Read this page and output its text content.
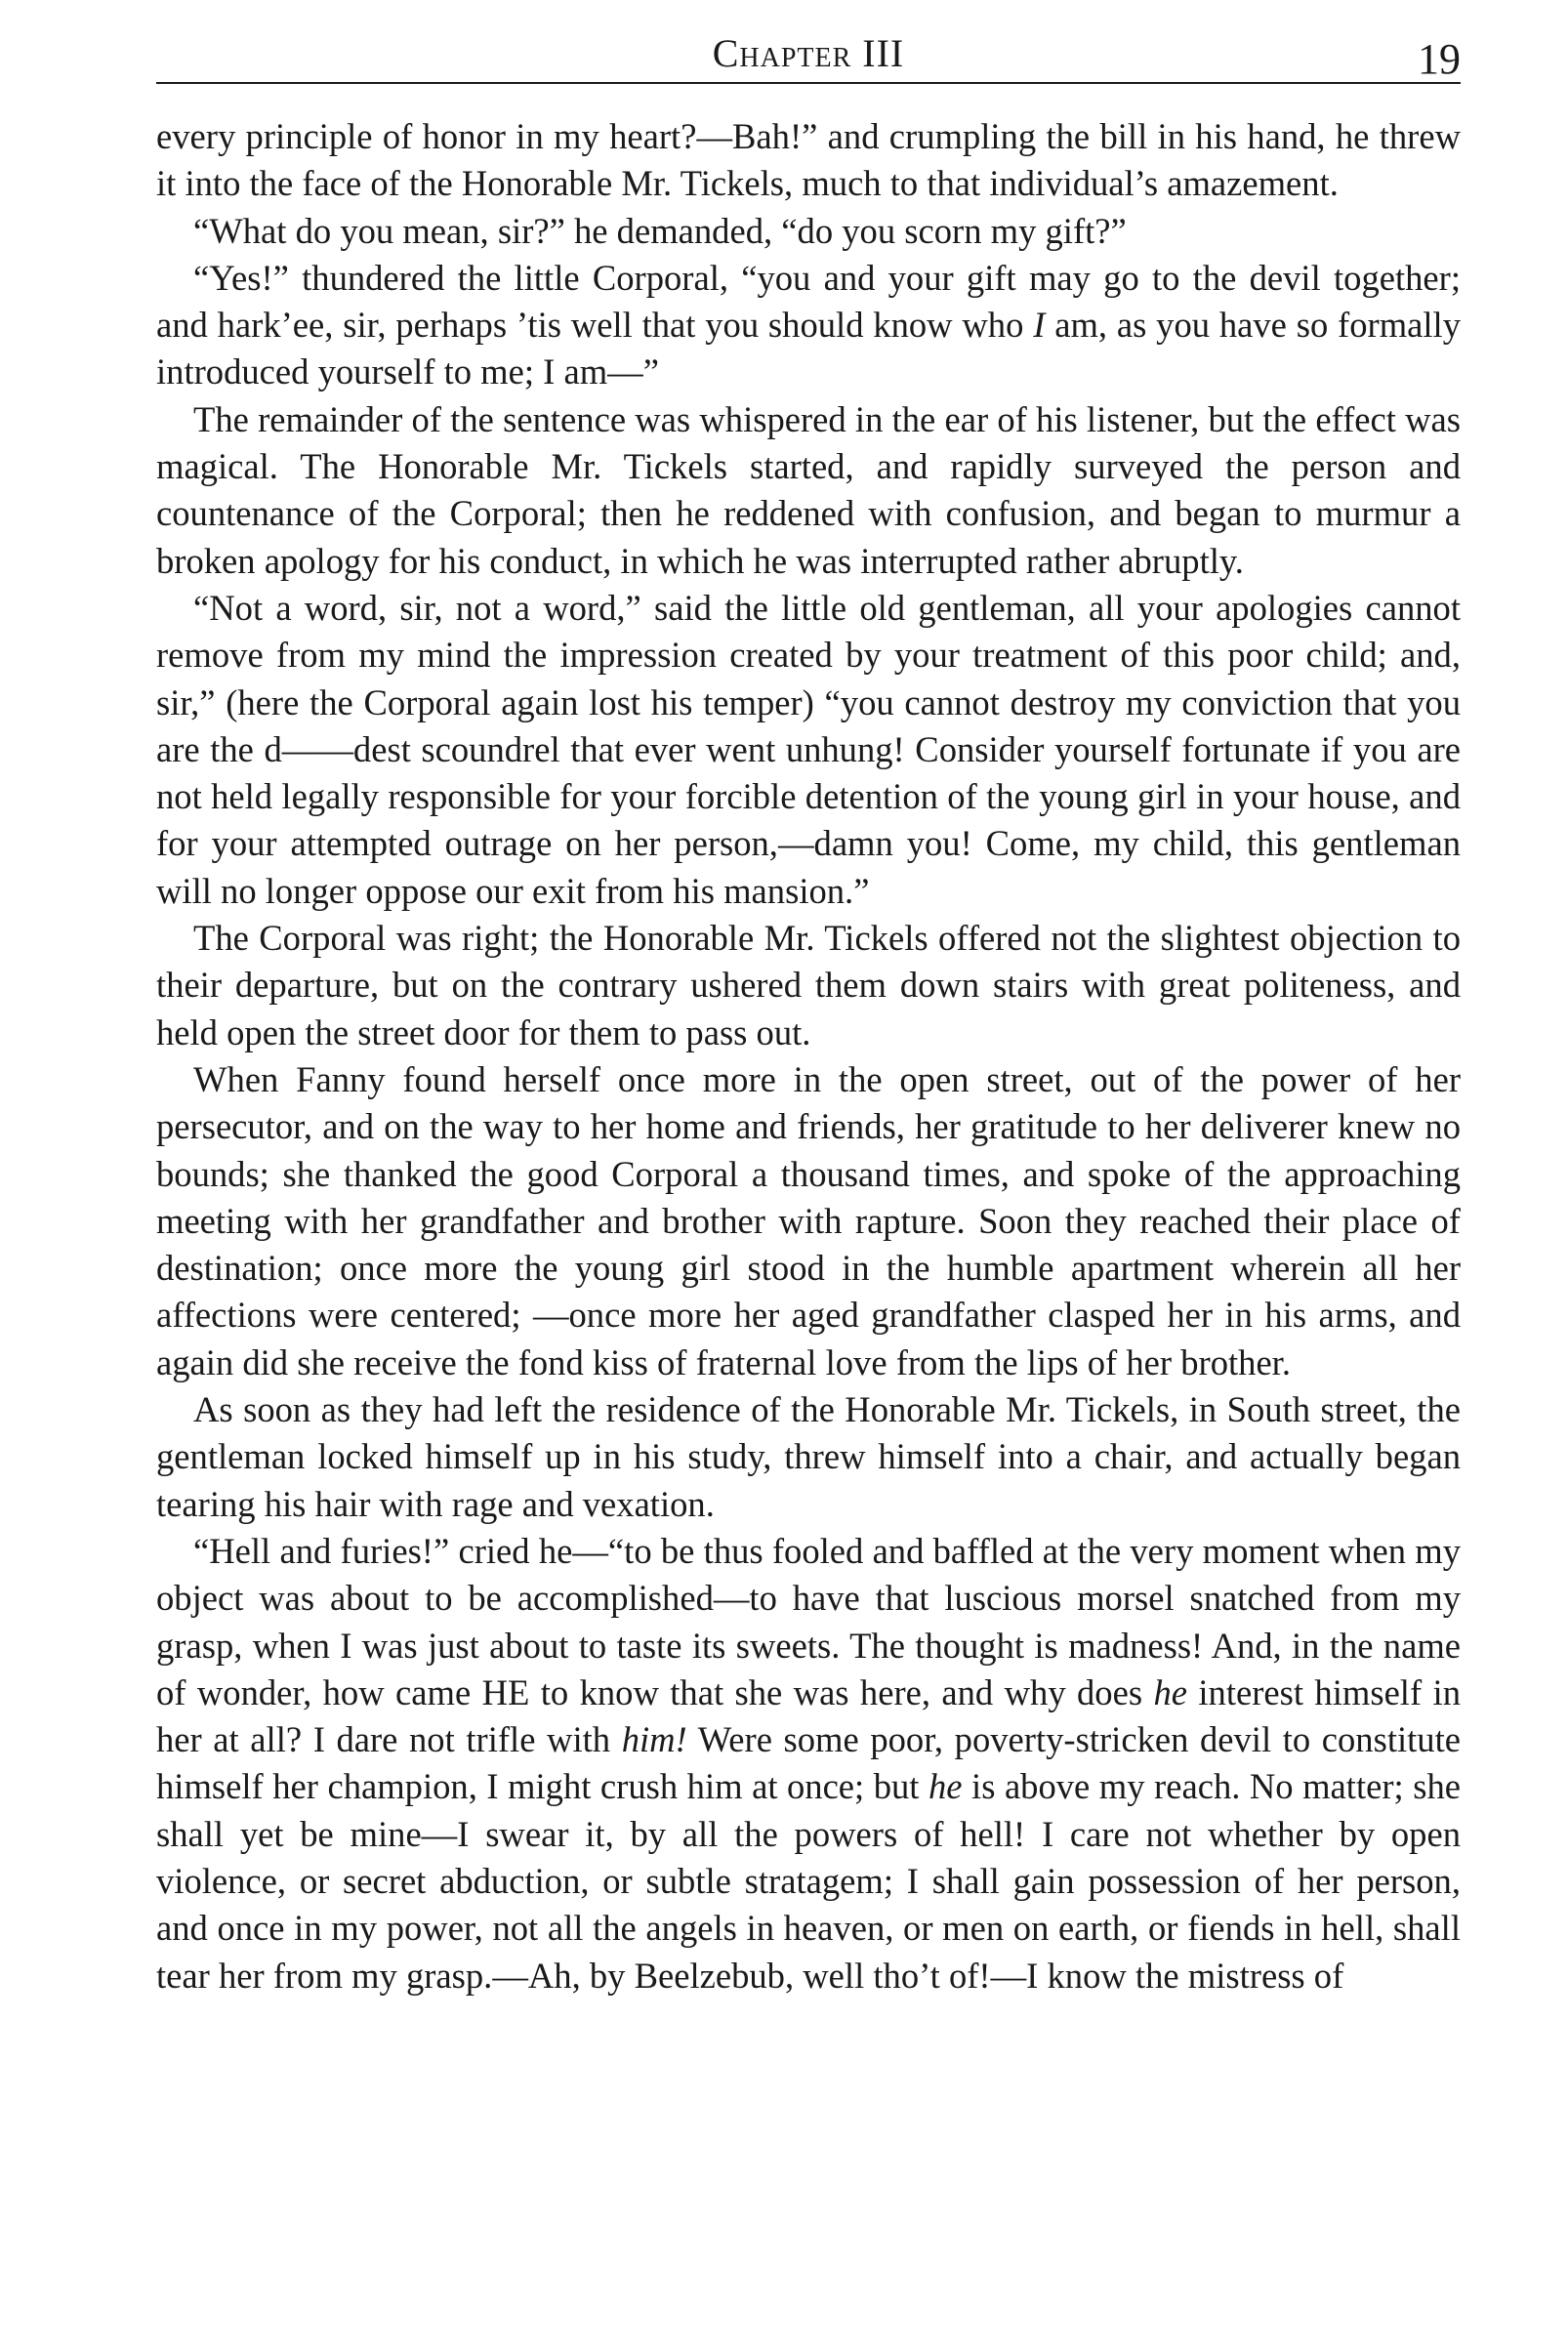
Chapter III	19

every principle of honor in my heart?—Bah!” and crumpling the bill in his hand, he threw it into the face of the Honorable Mr. Tickels, much to that individual’s amazement.

“What do you mean, sir?” he demanded, “do you scorn my gift?”

“Yes!” thundered the little Corporal, “you and your gift may go to the devil together; and hark’ee, sir, perhaps ’tis well that you should know who I am, as you have so formally introduced yourself to me; I am—”

The remainder of the sentence was whispered in the ear of his listener, but the effect was magical. The Honorable Mr. Tickels started, and rapidly surveyed the person and countenance of the Corporal; then he reddened with confusion, and began to murmur a broken apology for his conduct, in which he was interrupted rather abruptly.

“Not a word, sir, not a word,” said the little old gentleman, all your apologies cannot remove from my mind the impression created by your treatment of this poor child; and, sir,” (here the Corporal again lost his temper) “you cannot destroy my conviction that you are the d——dest scoundrel that ever went unhung! Consider yourself fortunate if you are not held legally responsible for your forcible detention of the young girl in your house, and for your attempted outrage on her person,—damn you! Come, my child, this gentleman will no longer oppose our exit from his mansion.”

The Corporal was right; the Honorable Mr. Tickels offered not the slightest objection to their departure, but on the contrary ushered them down stairs with great politeness, and held open the street door for them to pass out.

When Fanny found herself once more in the open street, out of the power of her persecutor, and on the way to her home and friends, her gratitude to her deliverer knew no bounds; she thanked the good Corporal a thousand times, and spoke of the approaching meeting with her grandfather and brother with rapture. Soon they reached their place of destination; once more the young girl stood in the humble apartment wherein all her affections were centered; —once more her aged grandfather clasped her in his arms, and again did she receive the fond kiss of fraternal love from the lips of her brother.

As soon as they had left the residence of the Honorable Mr. Tickels, in South street, the gentleman locked himself up in his study, threw himself into a chair, and actually began tearing his hair with rage and vexation.

“Hell and furies!” cried he—“to be thus fooled and baffled at the very moment when my object was about to be accomplished—to have that luscious morsel snatched from my grasp, when I was just about to taste its sweets. The thought is madness! And, in the name of wonder, how came HE to know that she was here, and why does he interest himself in her at all? I dare not trifle with him! Were some poor, poverty-stricken devil to constitute himself her champion, I might crush him at once; but he is above my reach. No matter; she shall yet be mine—I swear it, by all the powers of hell! I care not whether by open violence, or secret abduction, or subtle stratagem; I shall gain possession of her person, and once in my power, not all the angels in heaven, or men on earth, or fiends in hell, shall tear her from my grasp.—Ah, by Beelzebub, well tho’t of!—I know the mistress of
